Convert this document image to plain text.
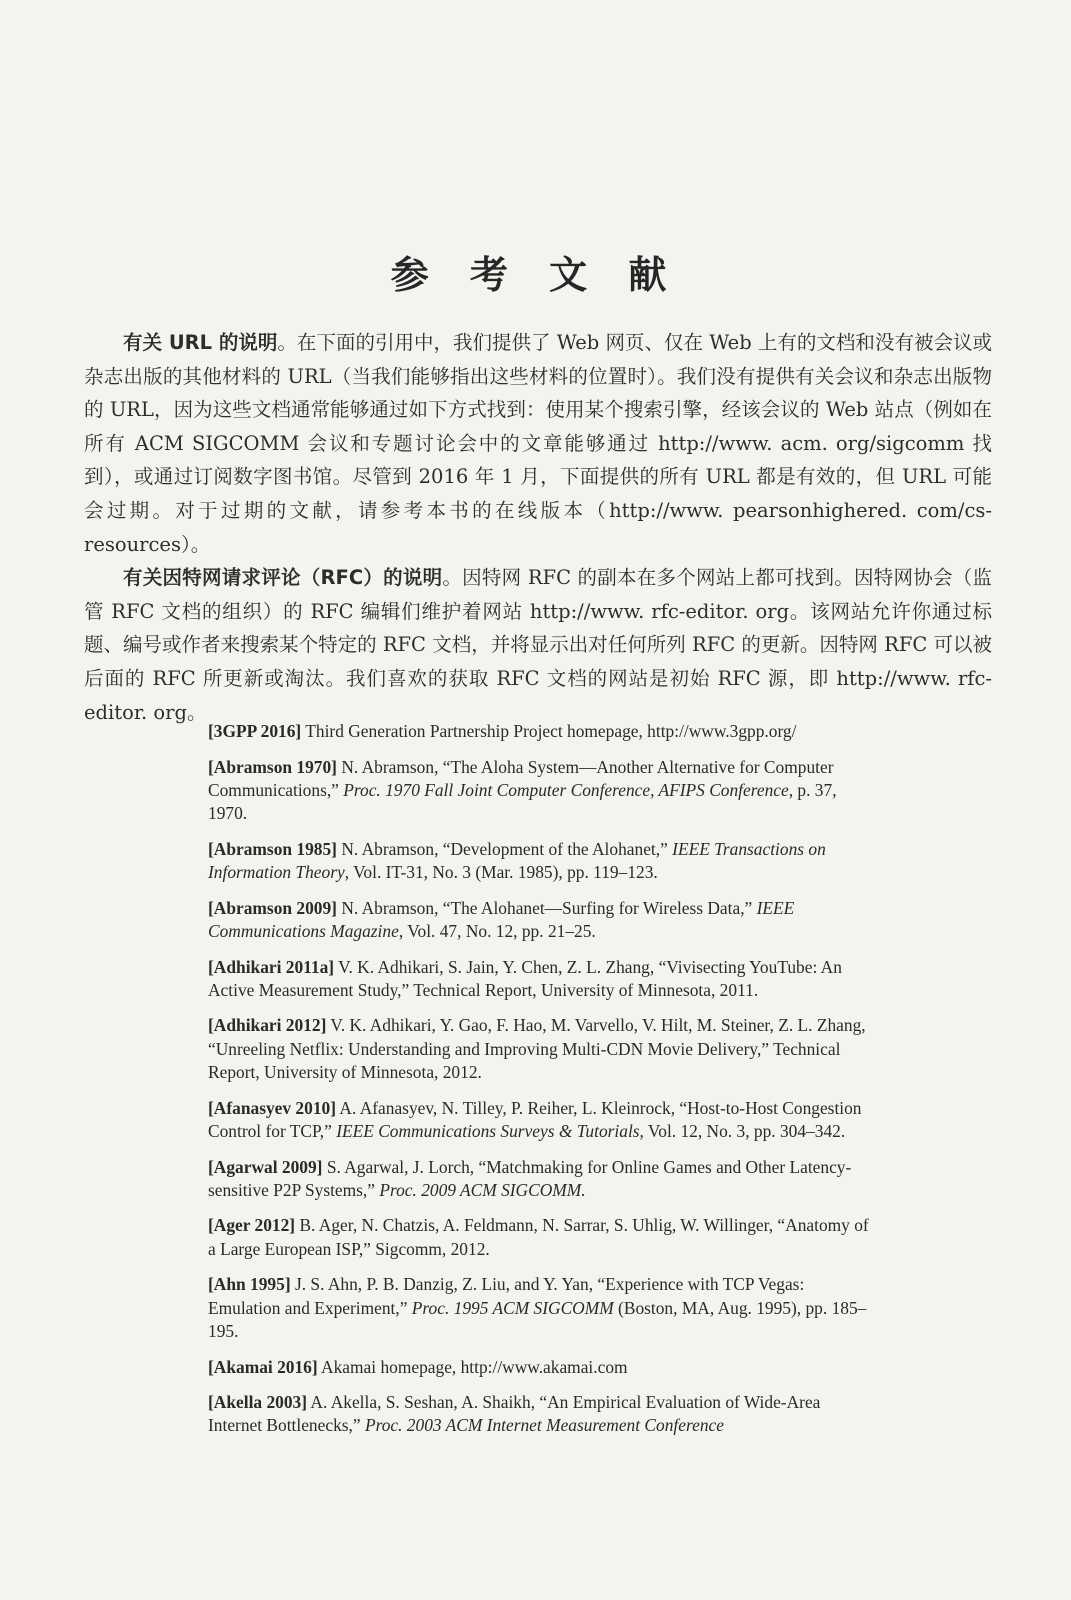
参 考 文 献

有关 URL 的说明。在下面的引用中，我们提供了 Web 网页、仅在 Web 上有的文档和没有被会议或杂志出版的其他材料的 URL（当我们能够指出这些材料的位置时）。我们没有提供有关会议和杂志出版物的 URL，因为这些文档通常能够通过如下方式找到：使用某个搜索引擎，经该会议的 Web 站点（例如在所有 ACM SIGCOMM 会议和专题讨论会中的文章能够通过 http://www. acm. org/sigcomm 找到），或通过订阅数字图书馆。尽管到 2016 年 1 月，下面提供的所有 URL 都是有效的，但 URL 可能会过期。对于过期的文献，请参考本书的在线版本（http://www. pearsonhighered. com/cs-resources）。

有关因特网请求评论（RFC）的说明。因特网 RFC 的副本在多个网站上都可找到。因特网协会（监管 RFC 文档的组织）的 RFC 编辑们维护着网站 http://www. rfc-editor. org。该网站允许你通过标题、编号或作者来搜索某个特定的 RFC 文档，并将显示出对任何所列 RFC 的更新。因特网 RFC 可以被后面的 RFC 所更新或淘汰。我们喜欢的获取 RFC 文档的网站是初始 RFC 源，即 http://www. rfc-editor. org。

[3GPP 2016] Third Generation Partnership Project homepage, http://www.3gpp.org/

[Abramson 1970] N. Abramson, “The Aloha System—Another Alternative for Computer Communications,” Proc. 1970 Fall Joint Computer Conference, AFIPS Conference, p. 37, 1970.

[Abramson 1985] N. Abramson, “Development of the Alohanet,” IEEE Transactions on Information Theory, Vol. IT-31, No. 3 (Mar. 1985), pp. 119–123.

[Abramson 2009] N. Abramson, “The Alohanet—Surfing for Wireless Data,” IEEE Communications Magazine, Vol. 47, No. 12, pp. 21–25.

[Adhikari 2011a] V. K. Adhikari, S. Jain, Y. Chen, Z. L. Zhang, “Vivisecting YouTube: An Active Measurement Study,” Technical Report, University of Minnesota, 2011.

[Adhikari 2012] V. K. Adhikari, Y. Gao, F. Hao, M. Varvello, V. Hilt, M. Steiner, Z. L. Zhang, “Unreeling Netflix: Understanding and Improving Multi-CDN Movie Delivery,” Technical Report, University of Minnesota, 2012.

[Afanasyev 2010] A. Afanasyev, N. Tilley, P. Reiher, L. Kleinrock, “Host-to-Host Congestion Control for TCP,” IEEE Communications Surveys & Tutorials, Vol. 12, No. 3, pp. 304–342.

[Agarwal 2009] S. Agarwal, J. Lorch, “Matchmaking for Online Games and Other Latency-sensitive P2P Systems,” Proc. 2009 ACM SIGCOMM.

[Ager 2012] B. Ager, N. Chatzis, A. Feldmann, N. Sarrar, S. Uhlig, W. Willinger, “Anatomy of a Large European ISP,” Sigcomm, 2012.

[Ahn 1995] J. S. Ahn, P. B. Danzig, Z. Liu, and Y. Yan, “Experience with TCP Vegas: Emulation and Experiment,” Proc. 1995 ACM SIGCOMM (Boston, MA, Aug. 1995), pp. 185–195.

[Akamai 2016] Akamai homepage, http://www.akamai.com

[Akella 2003] A. Akella, S. Seshan, A. Shaikh, “An Empirical Evaluation of Wide-Area Internet Bottlenecks,” Proc. 2003 ACM Internet Measurement Conference
